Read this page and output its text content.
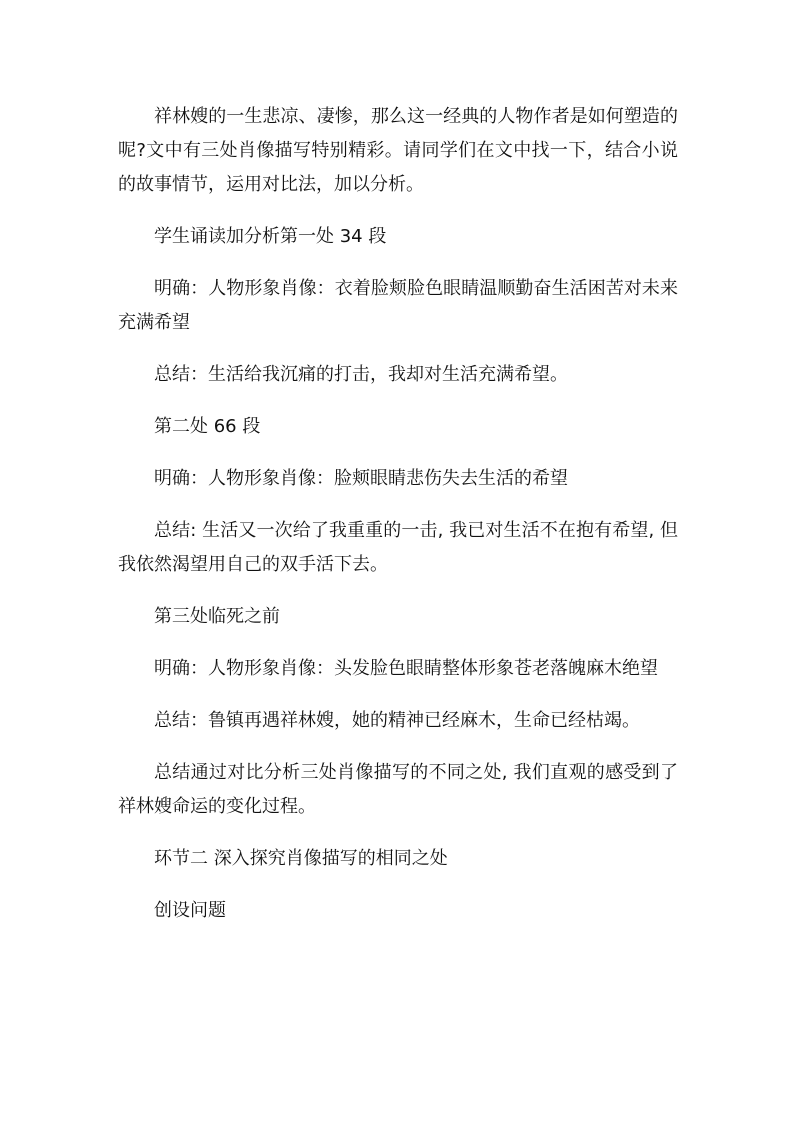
祥林嫂的一生悲凉、凄惨，那么这一经典的人物作者是如何塑造的呢?文中有三处肖像描写特别精彩。请同学们在文中找一下，结合小说的故事情节，运用对比法，加以分析。

学生诵读加分析第一处 34 段

明确：人物形象肖像：衣着脸颊脸色眼睛温顺勤奋生活困苦对未来充满希望

总结：生活给我沉痛的打击，我却对生活充满希望。

第二处 66 段

明确：人物形象肖像：脸颊眼睛悲伤失去生活的希望

总结: 生活又一次给了我重重的一击, 我已对生活不在抱有希望, 但我依然渴望用自己的双手活下去。

第三处临死之前

明确：人物形象肖像：头发脸色眼睛整体形象苍老落魄麻木绝望

总结：鲁镇再遇祥林嫂，她的精神已经麻木，生命已经枯竭。

总结通过对比分析三处肖像描写的不同之处, 我们直观的感受到了祥林嫂命运的变化过程。

环节二 深入探究肖像描写的相同之处

创设问题
